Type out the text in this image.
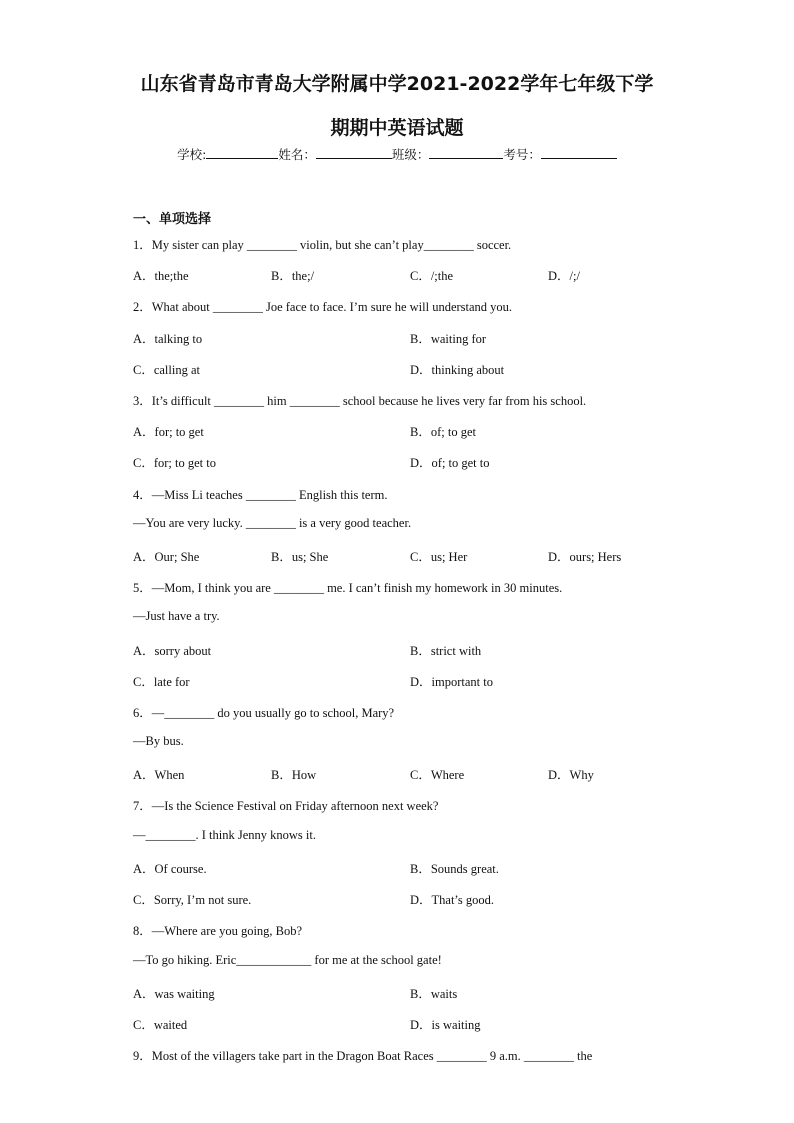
山东省青岛市青岛大学附属中学2021-2022学年七年级下学
期期中英语试题
学校:	姓名：	班级：	考号：
一、单项选择
1．My sister can play ________ violin, but she can’t play________ soccer.
A．the;the	B．the;/	C．/;the	D．/;/
2．What about ________ Joe face to face. I’m sure he will understand you.
A．talking to	B．waiting for
C．calling at	D．thinking about
3．It’s difficult ________ him ________ school because he lives very far from his school.
A．for; to get	B．of; to get
C．for; to get to	D．of; to get to
4．—Miss Li teaches ________ English this term.
—You are very lucky. ________ is a very good teacher.
A．Our; She	B．us; She	C．us; Her	D．ours; Hers
5．—Mom, I think you are ________ me. I can’t finish my homework in 30 minutes.
—Just have a try.
A．sorry about	B．strict with
C．late for	D．important to
6．—________ do you usually go to school, Mary?
—By bus.
A．When	B．How	C．Where	D．Why
7．—Is the Science Festival on Friday afternoon next week?
—________. I think Jenny knows it.
A．Of course.	B．Sounds great.
C．Sorry, I’m not sure.	D．That’s good.
8．—Where are you going, Bob?
—To go hiking. Eric____________ for me at the school gate!
A．was waiting	B．waits
C．waited	D．is waiting
9．Most of the villagers take part in the Dragon Boat Races ________ 9 a.m. ________ the
